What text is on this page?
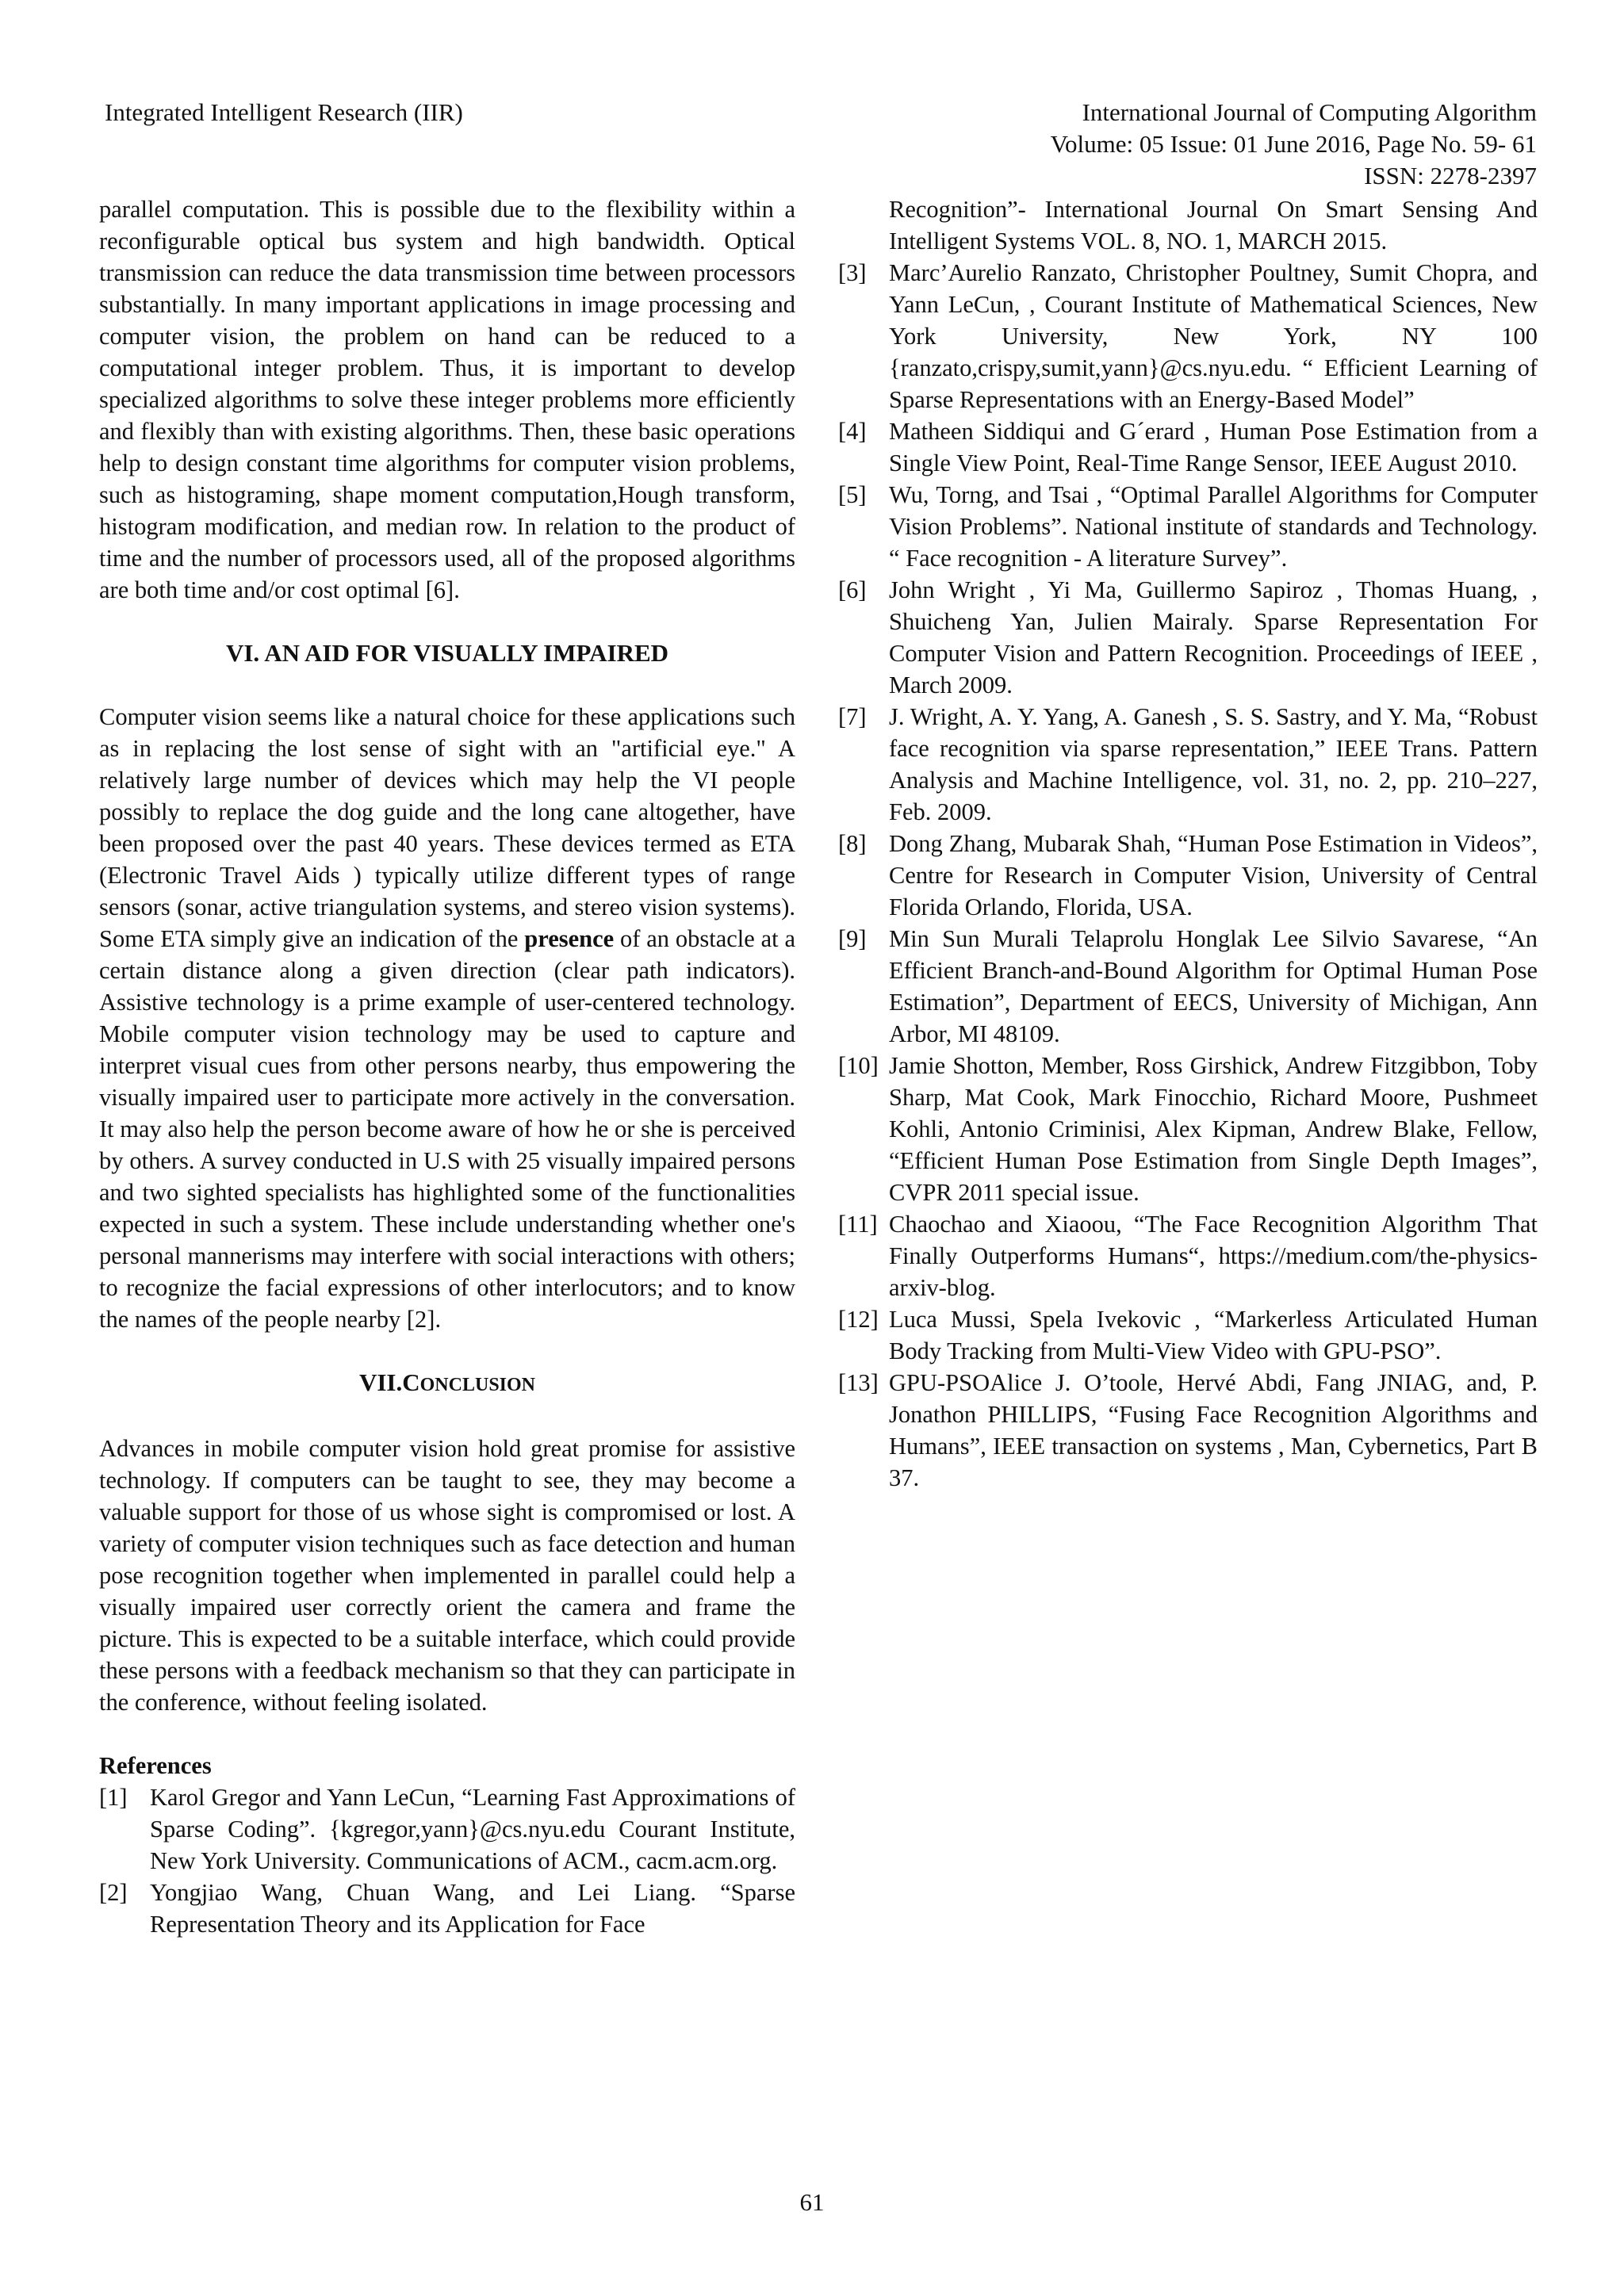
Integrated Intelligent Research (IIR)	International Journal of Computing Algorithm
Volume: 05 Issue: 01 June 2016, Page No. 59- 61
ISSN: 2278-2397

parallel computation. This is possible due to the flexibility within a reconfigurable optical bus system and high bandwidth. Optical transmission can reduce the data transmission time between processors substantially. In many important applications in image processing and computer vision, the problem on hand can be reduced to a computational integer problem. Thus, it is important to develop specialized algorithms to solve these integer problems more efficiently and flexibly than with existing algorithms. Then, these basic operations help to design constant time algorithms for computer vision problems, such as histograming, shape moment computation,Hough transform, histogram modification, and median row. In relation to the product of time and the number of processors used, all of the proposed algorithms are both time and/or cost optimal [6].

VI. AN AID FOR VISUALLY IMPAIRED

Computer vision seems like a natural choice for these applications such as in replacing the lost sense of sight with an "artificial eye." A relatively large number of devices which may help the VI people possibly to replace the dog guide and the long cane altogether, have been proposed over the past 40 years. These devices termed as ETA (Electronic Travel Aids ) typically utilize different types of range sensors (sonar, active triangulation systems, and stereo vision systems). Some ETA simply give an indication of the presence of an obstacle at a certain distance along a given direction (clear path indicators). Assistive technology is a prime example of user-centered technology. Mobile computer vision technology may be used to capture and interpret visual cues from other persons nearby, thus empowering the visually impaired user to participate more actively in the conversation. It may also help the person become aware of how he or she is perceived by others. A survey conducted in U.S with 25 visually impaired persons and two sighted specialists has highlighted some of the functionalities expected in such a system. These include understanding whether one's personal mannerisms may interfere with social interactions with others; to recognize the facial expressions of other interlocutors; and to know the names of the people nearby [2].

VII.CONCLUSION

Advances in mobile computer vision hold great promise for assistive technology. If computers can be taught to see, they may become a valuable support for those of us whose sight is compromised or lost. A variety of computer vision techniques such as face detection and human pose recognition together when implemented in parallel could help a visually impaired user correctly orient the camera and frame the picture. This is expected to be a suitable interface, which could provide these persons with a feedback mechanism so that they can participate in the conference, without feeling isolated.

References
[1] Karol Gregor and Yann LeCun, “Learning Fast Approximations of Sparse Coding”. {kgregor,yann}@cs.nyu.edu Courant Institute, New York University. Communications of ACM., cacm.acm.org.
[2] Yongjiao Wang, Chuan Wang, and Lei Liang. “Sparse Representation Theory and its Application for Face
Recognition”- International Journal On Smart Sensing And Intelligent Systems VOL. 8, NO. 1, MARCH 2015.
[3] Marc’Aurelio Ranzato, Christopher Poultney, Sumit Chopra, and Yann LeCun, , Courant Institute of Mathematical Sciences, New York University, New York, NY 100 {ranzato,crispy,sumit,yann}@cs.nyu.edu. “ Efficient Learning of Sparse Representations with an Energy-Based Model”
[4] Matheen Siddiqui and G´erard , Human Pose Estimation from a Single View Point, Real-Time Range Sensor, IEEE August 2010.
[5] Wu, Torng, and Tsai , “Optimal Parallel Algorithms for Computer Vision Problems”. National institute of standards and Technology. “ Face recognition - A literature Survey”.
[6] John Wright , Yi Ma, Guillermo Sapiroz , Thomas Huang, , Shuicheng Yan, Julien Mairaly. Sparse Representation For Computer Vision and Pattern Recognition. Proceedings of IEEE , March 2009.
[7] J. Wright, A. Y. Yang, A. Ganesh , S. S. Sastry, and Y. Ma, “Robust face recognition via sparse representation,” IEEE Trans. Pattern Analysis and Machine Intelligence, vol. 31, no. 2, pp. 210–227, Feb. 2009.
[8] Dong Zhang, Mubarak Shah, “Human Pose Estimation in Videos”, Centre for Research in Computer Vision, University of Central Florida Orlando, Florida, USA.
[9] Min Sun Murali Telaprolu Honglak Lee Silvio Savarese, “An Efficient Branch-and-Bound Algorithm for Optimal Human Pose Estimation”, Department of EECS, University of Michigan, Ann Arbor, MI 48109.
[10] Jamie Shotton, Member, Ross Girshick, Andrew Fitzgibbon, Toby Sharp, Mat Cook, Mark Finocchio, Richard Moore, Pushmeet Kohli, Antonio Criminisi, Alex Kipman, Andrew Blake, Fellow, “Efficient Human Pose Estimation from Single Depth Images”, CVPR 2011 special issue.
[11] Chaochao and Xiaoou, “The Face Recognition Algorithm That Finally Outperforms Humans“, https://medium.com/the-physics-arxiv-blog.
[12] Luca Mussi, Spela Ivekovic , “Markerless Articulated Human Body Tracking from Multi-View Video with GPU-PSO”.
[13] GPU-PSOAlice J. O’toole, Hervé Abdi, Fang JNIAG, and, P. Jonathon PHILLIPS, “Fusing Face Recognition Algorithms and Humans”, IEEE transaction on systems , Man, Cybernetics, Part B 37.
61
